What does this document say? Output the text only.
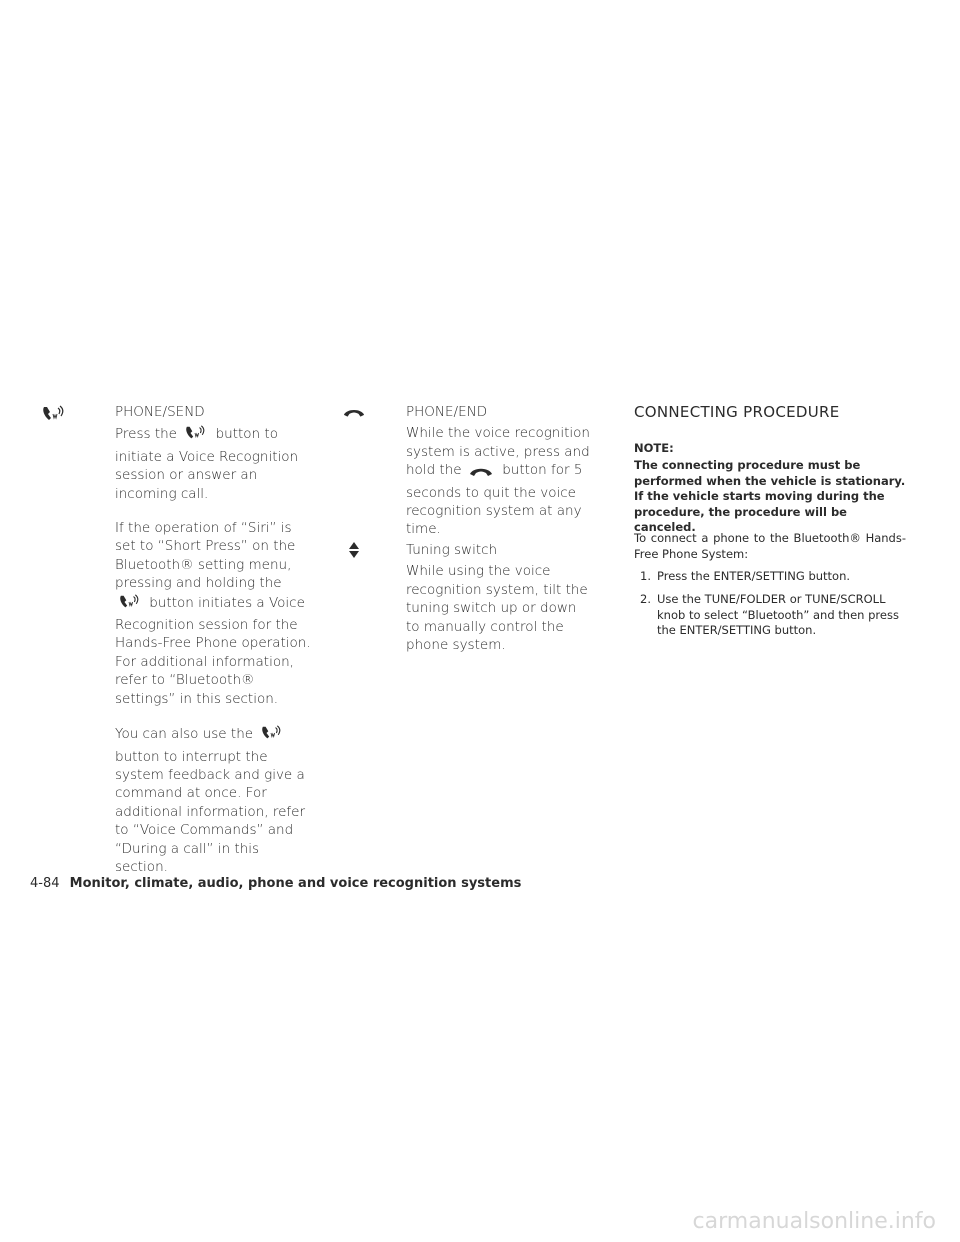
PHONE/SEND

Press the	button to initiate a Voice Recognition session or answer an incoming call.

If the operation of “Siri” is set to “Short Press” on the Bluetooth® setting menu, pressing and holding the  button initiates a Voice Recognition session for the Hands-Free Phone operation. For additional information, refer to “Bluetooth® settings” in this section.

You can also use the  button to interrupt the system feedback and give a command at once. For additional information, refer to “Voice Commands” and “During a call” in this section.

PHONE/END

While the voice recognition system is active, press and hold the	button for 5 seconds to quit the voice recognition system at any time.

Tuning switch

While using the voice recognition system, tilt the tuning switch up or down to manually control the phone system.

CONNECTING PROCEDURE
NOTE:
The connecting procedure must be performed when the vehicle is stationary. If the vehicle starts moving during the procedure, the procedure will be canceled.

To connect a phone to the Bluetooth® Hands-Free Phone System:

1. Press the ENTER/SETTING button.
2. Use the TUNE/FOLDER or TUNE/SCROLL knob to select “Bluetooth” and then press the ENTER/SETTING button.
4-84 Monitor, climate, audio, phone and voice recognition systems
carmanualsonline.info
